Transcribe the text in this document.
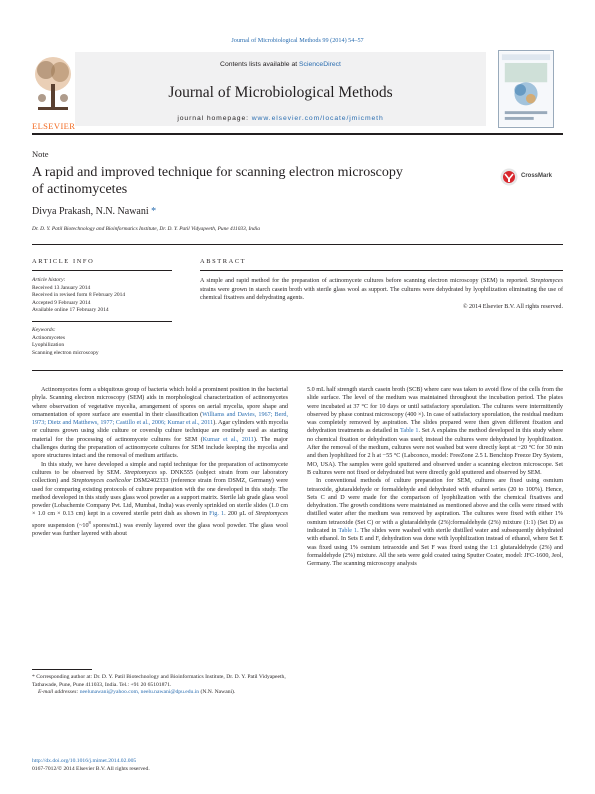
Journal of Microbiological Methods 99 (2014) 54–57
Contents lists available at ScienceDirect
Journal of Microbiological Methods
journal homepage: www.elsevier.com/locate/jmicmeth
ELSEVIER
Note
A rapid and improved technique for scanning electron microscopy
of actinomycetes
CrossMark
Divya Prakash, N.N. Nawani *
Dr. D. Y. Patil Biotechnology and Bioinformatics Institute, Dr. D. Y. Patil Vidyapeeth, Pune 411033, India
ARTICLE INFO
Article history:
Received 13 January 2014
Received in revised form 8 February 2014
Accepted 9 February 2014
Available online 17 February 2014
Keywords:
Actinomycetes
Lyophilization
Scanning electron microscopy
ABSTRACT
A simple and rapid method for the preparation of actinomycete cultures before scanning electron microscopy (SEM) is reported. Streptomyces strains were grown in starch casein broth with sterile glass wool as support. The cultures were dehydrated by lyophilization eliminating the use of chemical fixatives and dehydrating agents.
© 2014 Elsevier B.V. All rights reserved.

Actinomycetes form a ubiquitous group of bacteria which hold a prominent position in the bacterial phyla. Scanning electron microscopy (SEM) aids in morphological characterization of actinomycetes where observation of vegetative mycelia, arrangement of spores on aerial mycelia, spore shape and ornamentation of spore surface are essential in their classification (Williams and Davies, 1967; Berd, 1973; Dietz and Matthews, 1977; Castillo et al., 2006; Kumar et al., 2011). Agar cylinders with mycelia or cultures grown using slide culture or coverslip culture technique are routinely used as starting material for the processing of actinomycete cultures for SEM (Kumar et al., 2011). The major challenges during the preparation of actinomycete cultures for SEM include keeping the mycelia and spore structures intact and the removal of medium artifacts.

In this study, we have developed a simple and rapid technique for the preparation of actinomycete cultures to be observed by SEM. Streptomyces sp. DNK555 (subject strain from our laboratory collection) and Streptomyces coelicolor DSM2402333 (reference strain from DSMZ, Germany) were used for comparing existing protocols of culture preparation with the one developed in this study. The method developed in this study uses glass wool powder as a support matrix. Sterile lab grade glass wool powder (Lobachemie Company Pvt. Ltd, Mumbai, India) was evenly sprinkled on sterile slides (1.0 cm × 1.0 cm × 0.13 cm) kept in a covered sterile petri dish as shown in Fig. 1. 200 μL of Streptomyces spore suspension ($\sim 10^8$ spores/mL) was evenly layered over the glass wool powder. The glass wool powder was further layered with about

5.0 mL half strength starch casein broth (SCB) where care was taken to avoid flow of the cells from the slide surface. The level of the medium was maintained throughout the incubation period. The plates were incubated at 37 °C for 10 days or until satisfactory sporulation. The cultures were intermittently observed by phase contrast microscopy (400 ×). In case of satisfactory sporulation, the residual medium was completely removed by aspiration. The slides prepared were then given different fixation and dehydration treatments as detailed in Table 1. Set A explains the method developed in this study where no chemical fixation or dehydration was used; instead the cultures were dehydrated by lyophilization. After the removal of the medium, cultures were not washed but were directly kept at −20 °C for 30 min and then lyophilized for 2 h at −55 °C (Labconco, model: FreeZone 2.5 L Benchtop Freeze Dry System, MO, USA). The samples were gold sputtered and observed under a scanning electron microscope. Set B cultures were not fixed or dehydrated but were directly gold sputtered and observed by SEM.

In conventional methods of culture preparation for SEM, cultures are fixed using osmium tetraoxide, glutaraldehyde or formaldehyde and dehydrated with ethanol series (20 to 100%). Hence, Sets C and D were made for the comparison of lyophilization with the chemical fixatives and dehydration. The growth conditions were maintained as mentioned above and the cells were rinsed with distilled water after the medium was removed by aspiration. The cultures were fixed with either 1% osmium tetraoxide (Set C) or with a glutaraldehyde (2%):formaldehyde (2%) mixture (1:1) (Set D) as indicated in Table 1. The slides were washed with sterile distilled water and subsequently dehydrated with ethanol. In Sets E and F, dehydration was done with lyophilization instead of ethanol, where Set E was fixed using 1% osmium tetraoxide and Set F was fixed using the 1:1 glutaraldehyde (2%) and formaldehyde (2%) mixture. All the sets were gold coated using Sputter Coater, model: JFC-1600, Jeol, Germany. The scanning microscopy analysis

* Corresponding author at: Dr. D. Y. Patil Biotechnology and Bioinformatics Institute, Dr. D. Y. Patil Vidyapeeth, Tathawade, Pune, Pune 411033, India. Tel.: +91 20 65101871.
E-mail addresses: neelunawani@yahoo.com, neelu.nawani@dpu.edu.in (N.N. Nawani).
http://dx.doi.org/10.1016/j.mimet.2014.02.005
0167-7012/© 2014 Elsevier B.V. All rights reserved.
